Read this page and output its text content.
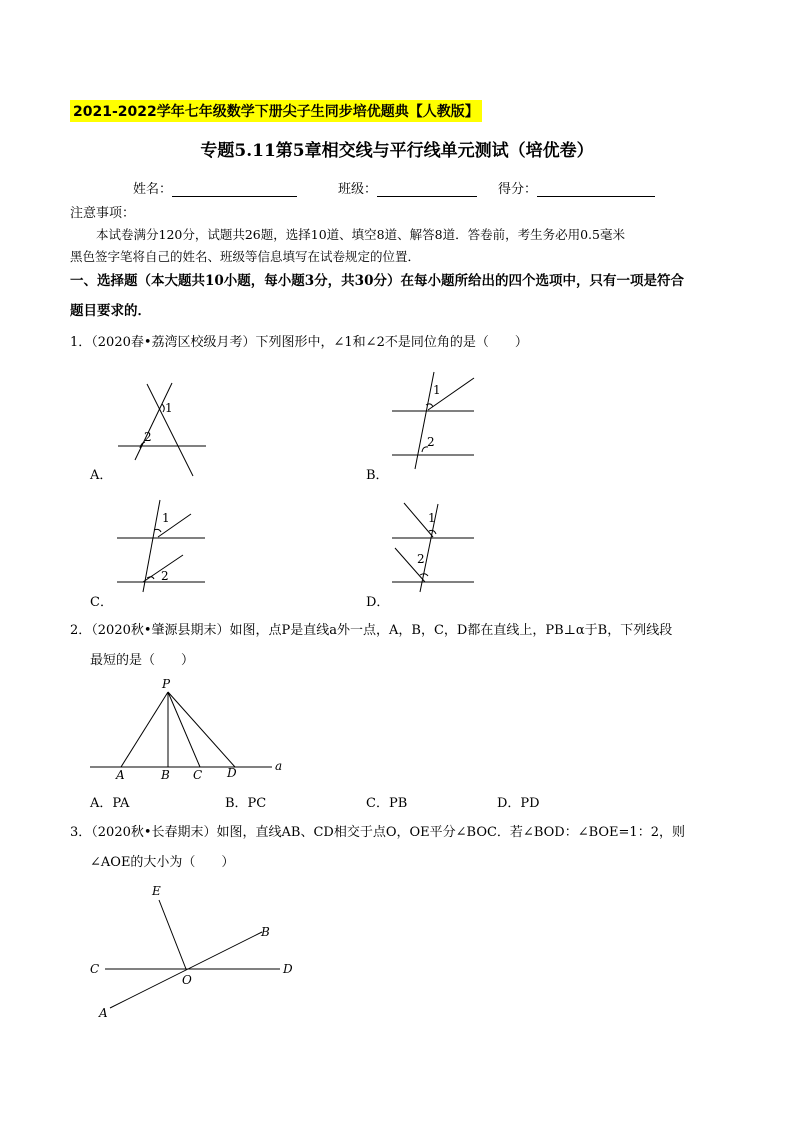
2021-2022学年七年级数学下册尖子生同步培优题典【人教版】
专题5.11第5章相交线与平行线单元测试（培优卷）
姓名：	班级：	得分：
注意事项：
本试卷满分120分，试题共26题，选择10道、填空8道、解答8道．答卷前，考生务必用0.5毫米
黑色签字笔将自己的姓名、班级等信息填写在试卷规定的位置．
一、选择题（本大题共10小题，每小题3分，共30分）在每小题所给出的四个选项中，只有一项是符合
题目要求的．
1．（2020春•荔湾区校级月考）下列图形中，∠1和∠2不是同位角的是（　　）
1
2
1
2
1
2
1
2
A．	B．
C．	D．
2．（2020秋•肇源县期末）如图，点P是直线a外一点，A，B，C，D都在直线上，PB⊥α于B，下列线段
最短的是（　　）
P
A	B C D	a
A．PA	B．PC	C．PB	D．PD
3．（2020秋•长春期末）如图，直线AB、CD相交于点O，OE平分∠BOC．若∠BOD：∠BOE=1：2，则
∠AOE的大小为（　　）
E
B
C
O
D
A
